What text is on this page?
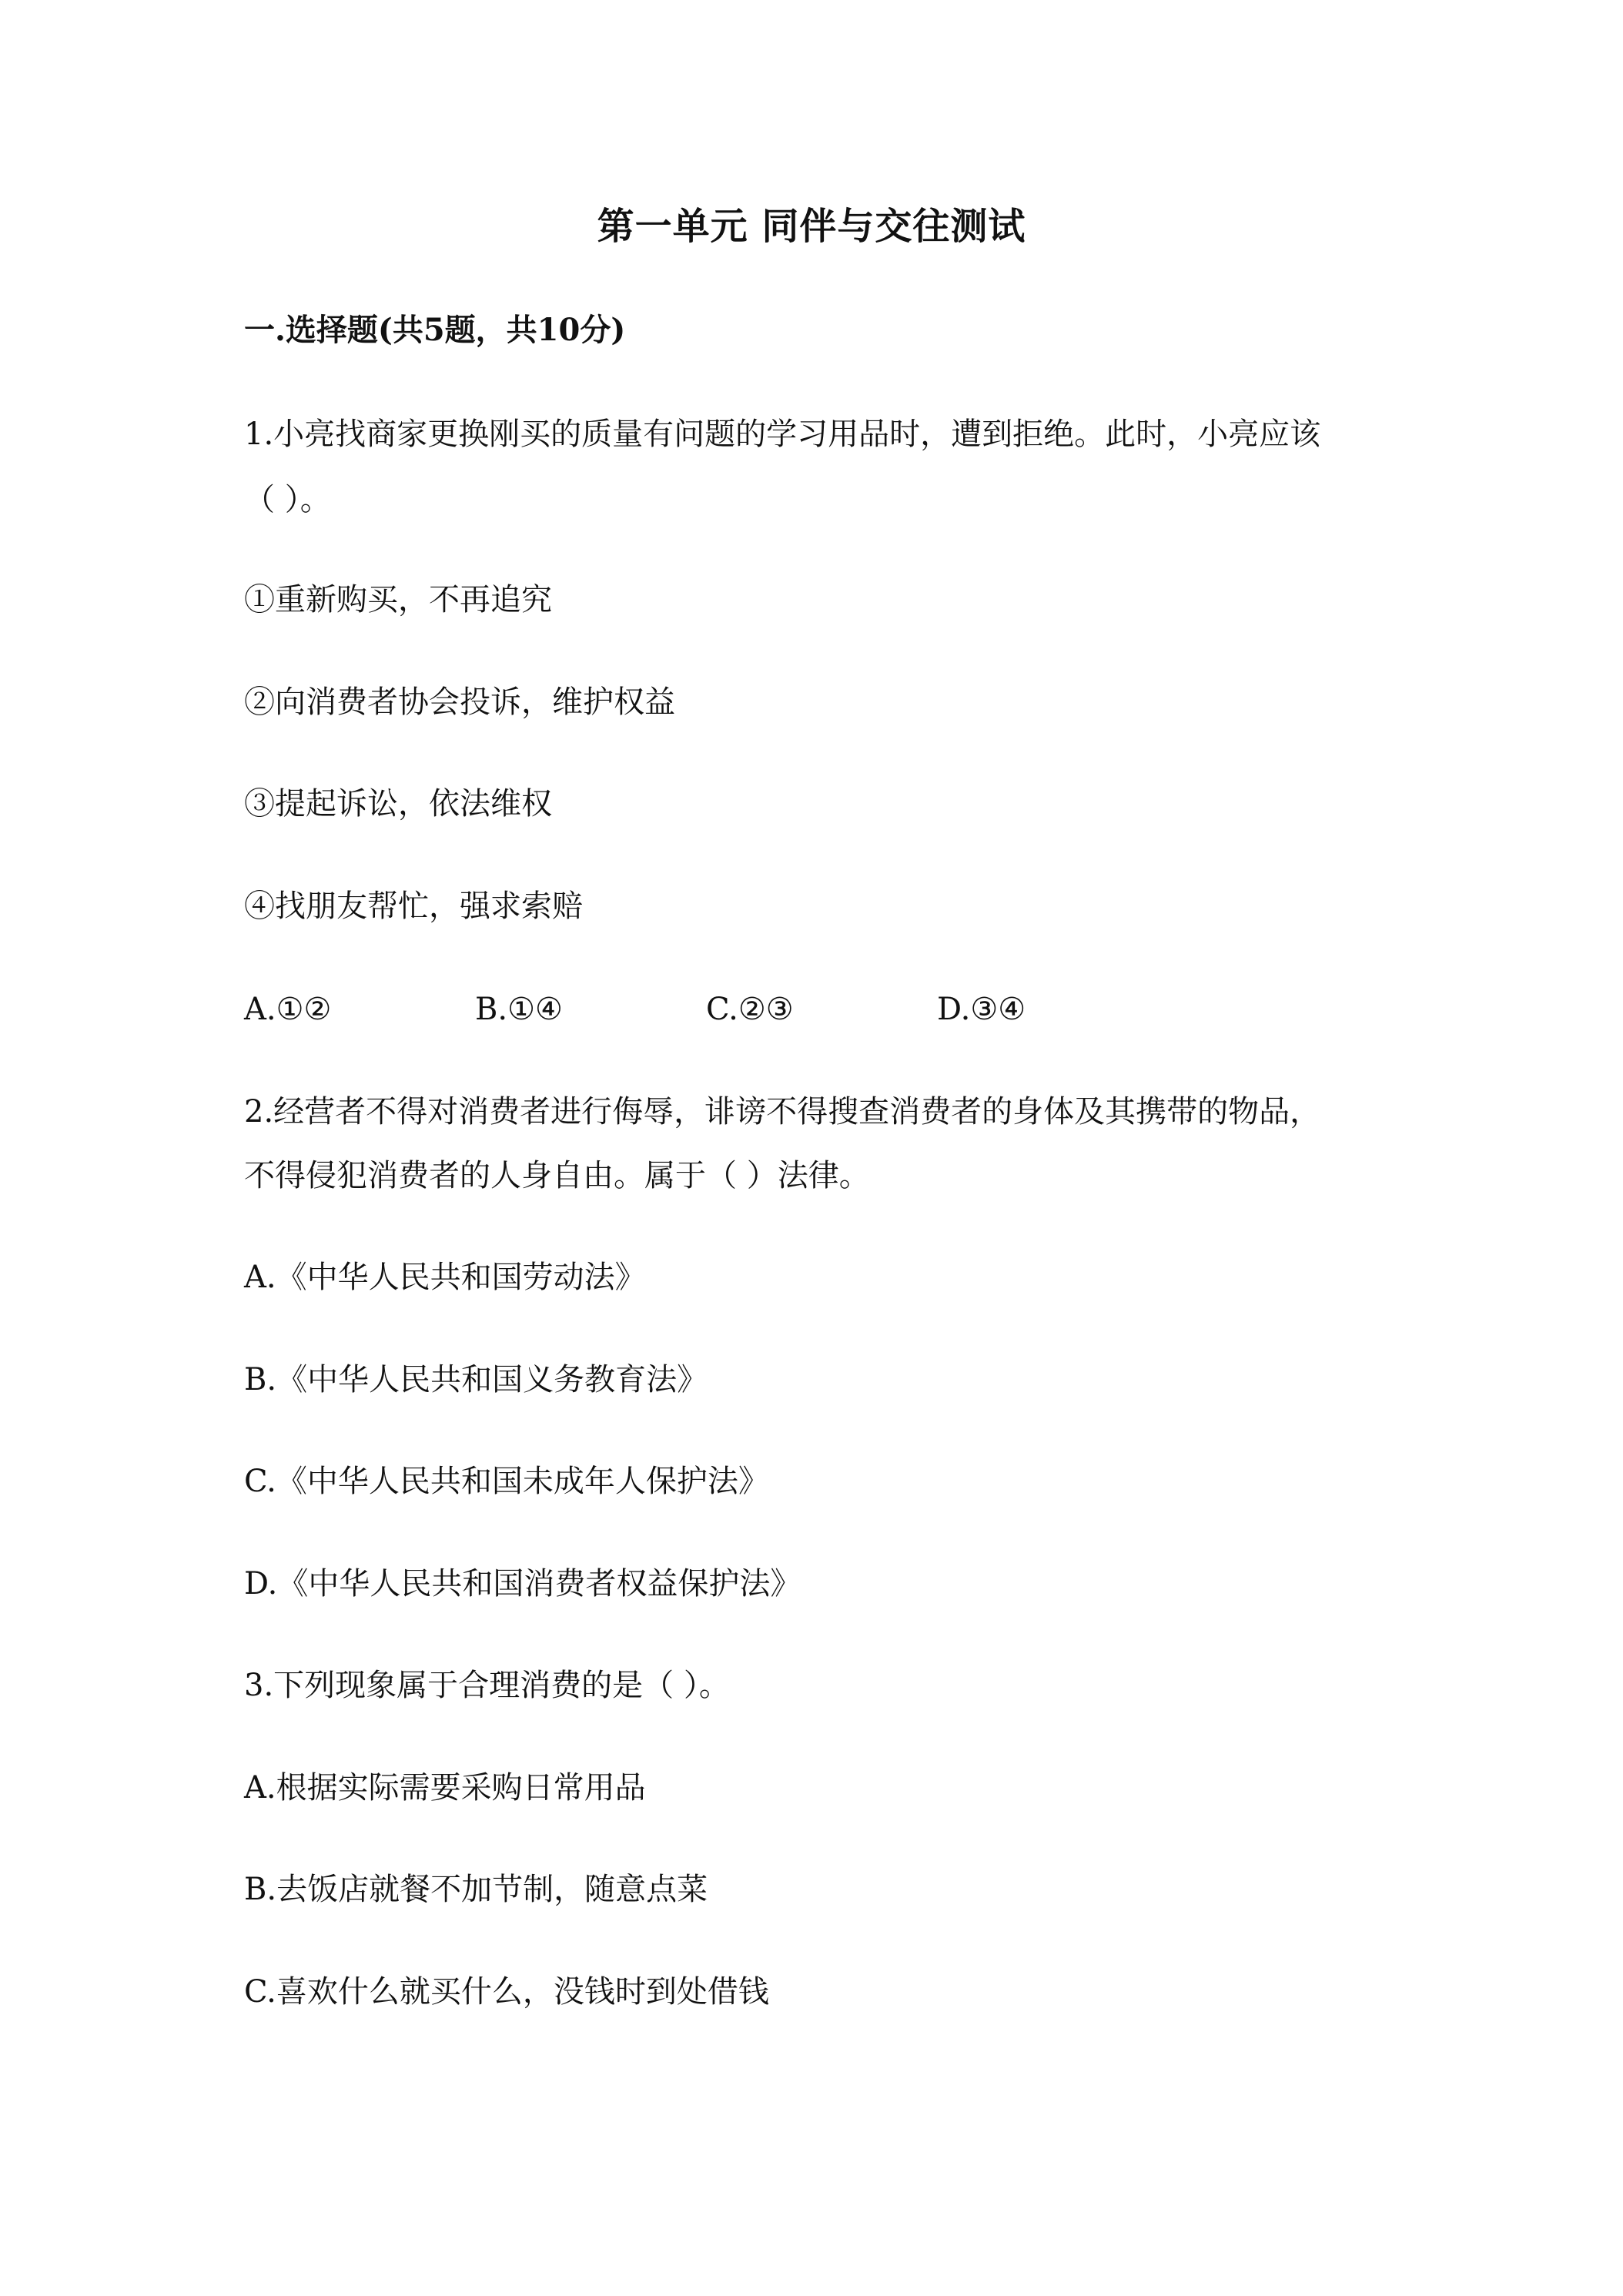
第一单元 同伴与交往测试
一.选择题(共5题，共10分)
1.小亮找商家更换刚买的质量有问题的学习用品时，遭到拒绝。此时，小亮应该
（ ）。
①重新购买，不再追究
②向消费者协会投诉，维护权益
③提起诉讼，依法维权
④找朋友帮忙，强求索赔
A.①②	B.①④	C.②③	D.③④
2.经营者不得对消费者进行侮辱，诽谤不得搜查消费者的身体及其携带的物品，
不得侵犯消费者的人身自由。属于（ ）法律。
A.《中华人民共和国劳动法》
B.《中华人民共和国义务教育法》
C.《中华人民共和国未成年人保护法》
D.《中华人民共和国消费者权益保护法》
3.下列现象属于合理消费的是（ ）。
A.根据实际需要采购日常用品
B.去饭店就餐不加节制，随意点菜
C.喜欢什么就买什么，没钱时到处借钱
